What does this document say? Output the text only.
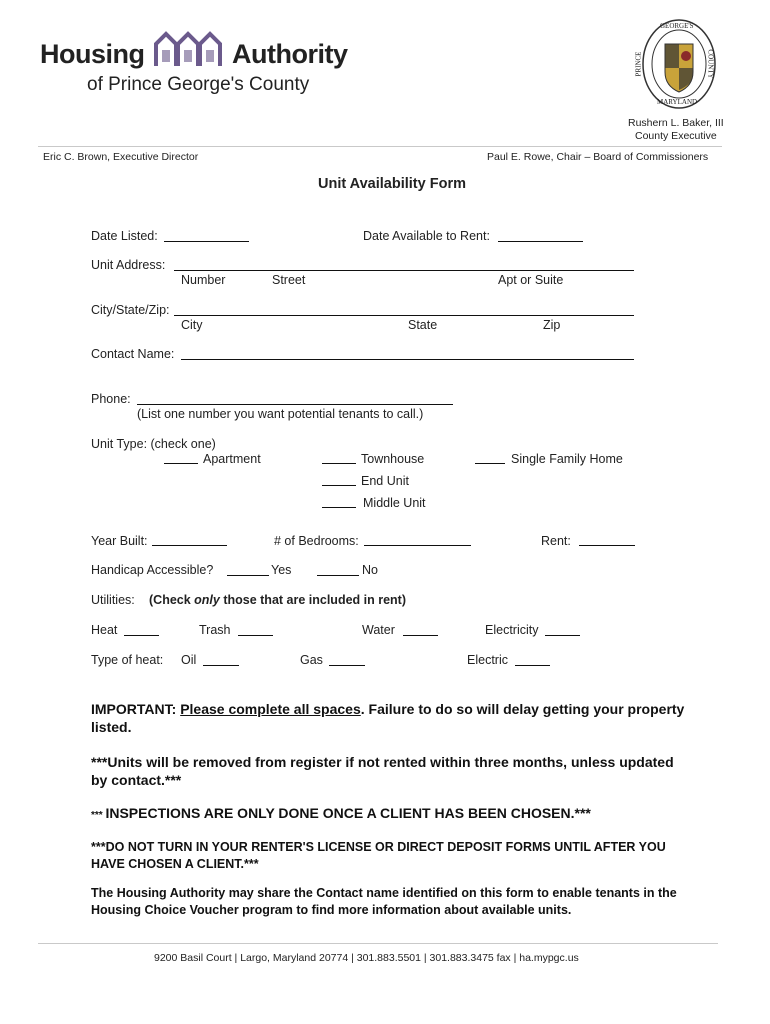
Housing	Authority
of Prince George's County
GEORGE'S
PRINCE	COUNTY
MARYLAND
Rushern L. Baker, III
County Executive
Eric C. Brown, Executive Director	Paul E. Rowe, Chair – Board of Commissioners
Unit Availability Form
Date Listed:	Date Available to Rent:
Unit Address:
Number	Street	Apt or Suite
City/State/Zip:
City	State	Zip
Contact Name:
Phone:
(List one number you want potential tenants to call.)
Unit Type: (check one)
Apartment	Townhouse	Single Family Home
End Unit
Middle Unit
Year Built:	# of Bedrooms:	Rent:
Handicap Accessible?	Yes	No
Utilities: (Check only those that are included in rent)
Heat	Trash	Water	Electricity
Type of heat: Oil	Gas	Electric
IMPORTANT: Please complete all spaces. Failure to do so will delay getting your property listed.
***Units will be removed from register if not rented within three months, unless updated by contact.***
*** INSPECTIONS ARE ONLY DONE ONCE A CLIENT HAS BEEN CHOSEN.***
***DO NOT TURN IN YOUR RENTER'S LICENSE OR DIRECT DEPOSIT FORMS UNTIL AFTER YOU HAVE CHOSEN A CLIENT.***
The Housing Authority may share the Contact name identified on this form to enable tenants in the Housing Choice Voucher program to find more information about available units.
9200 Basil Court | Largo, Maryland 20774 | 301.883.5501 | 301.883.3475 fax | ha.mypgc.us
